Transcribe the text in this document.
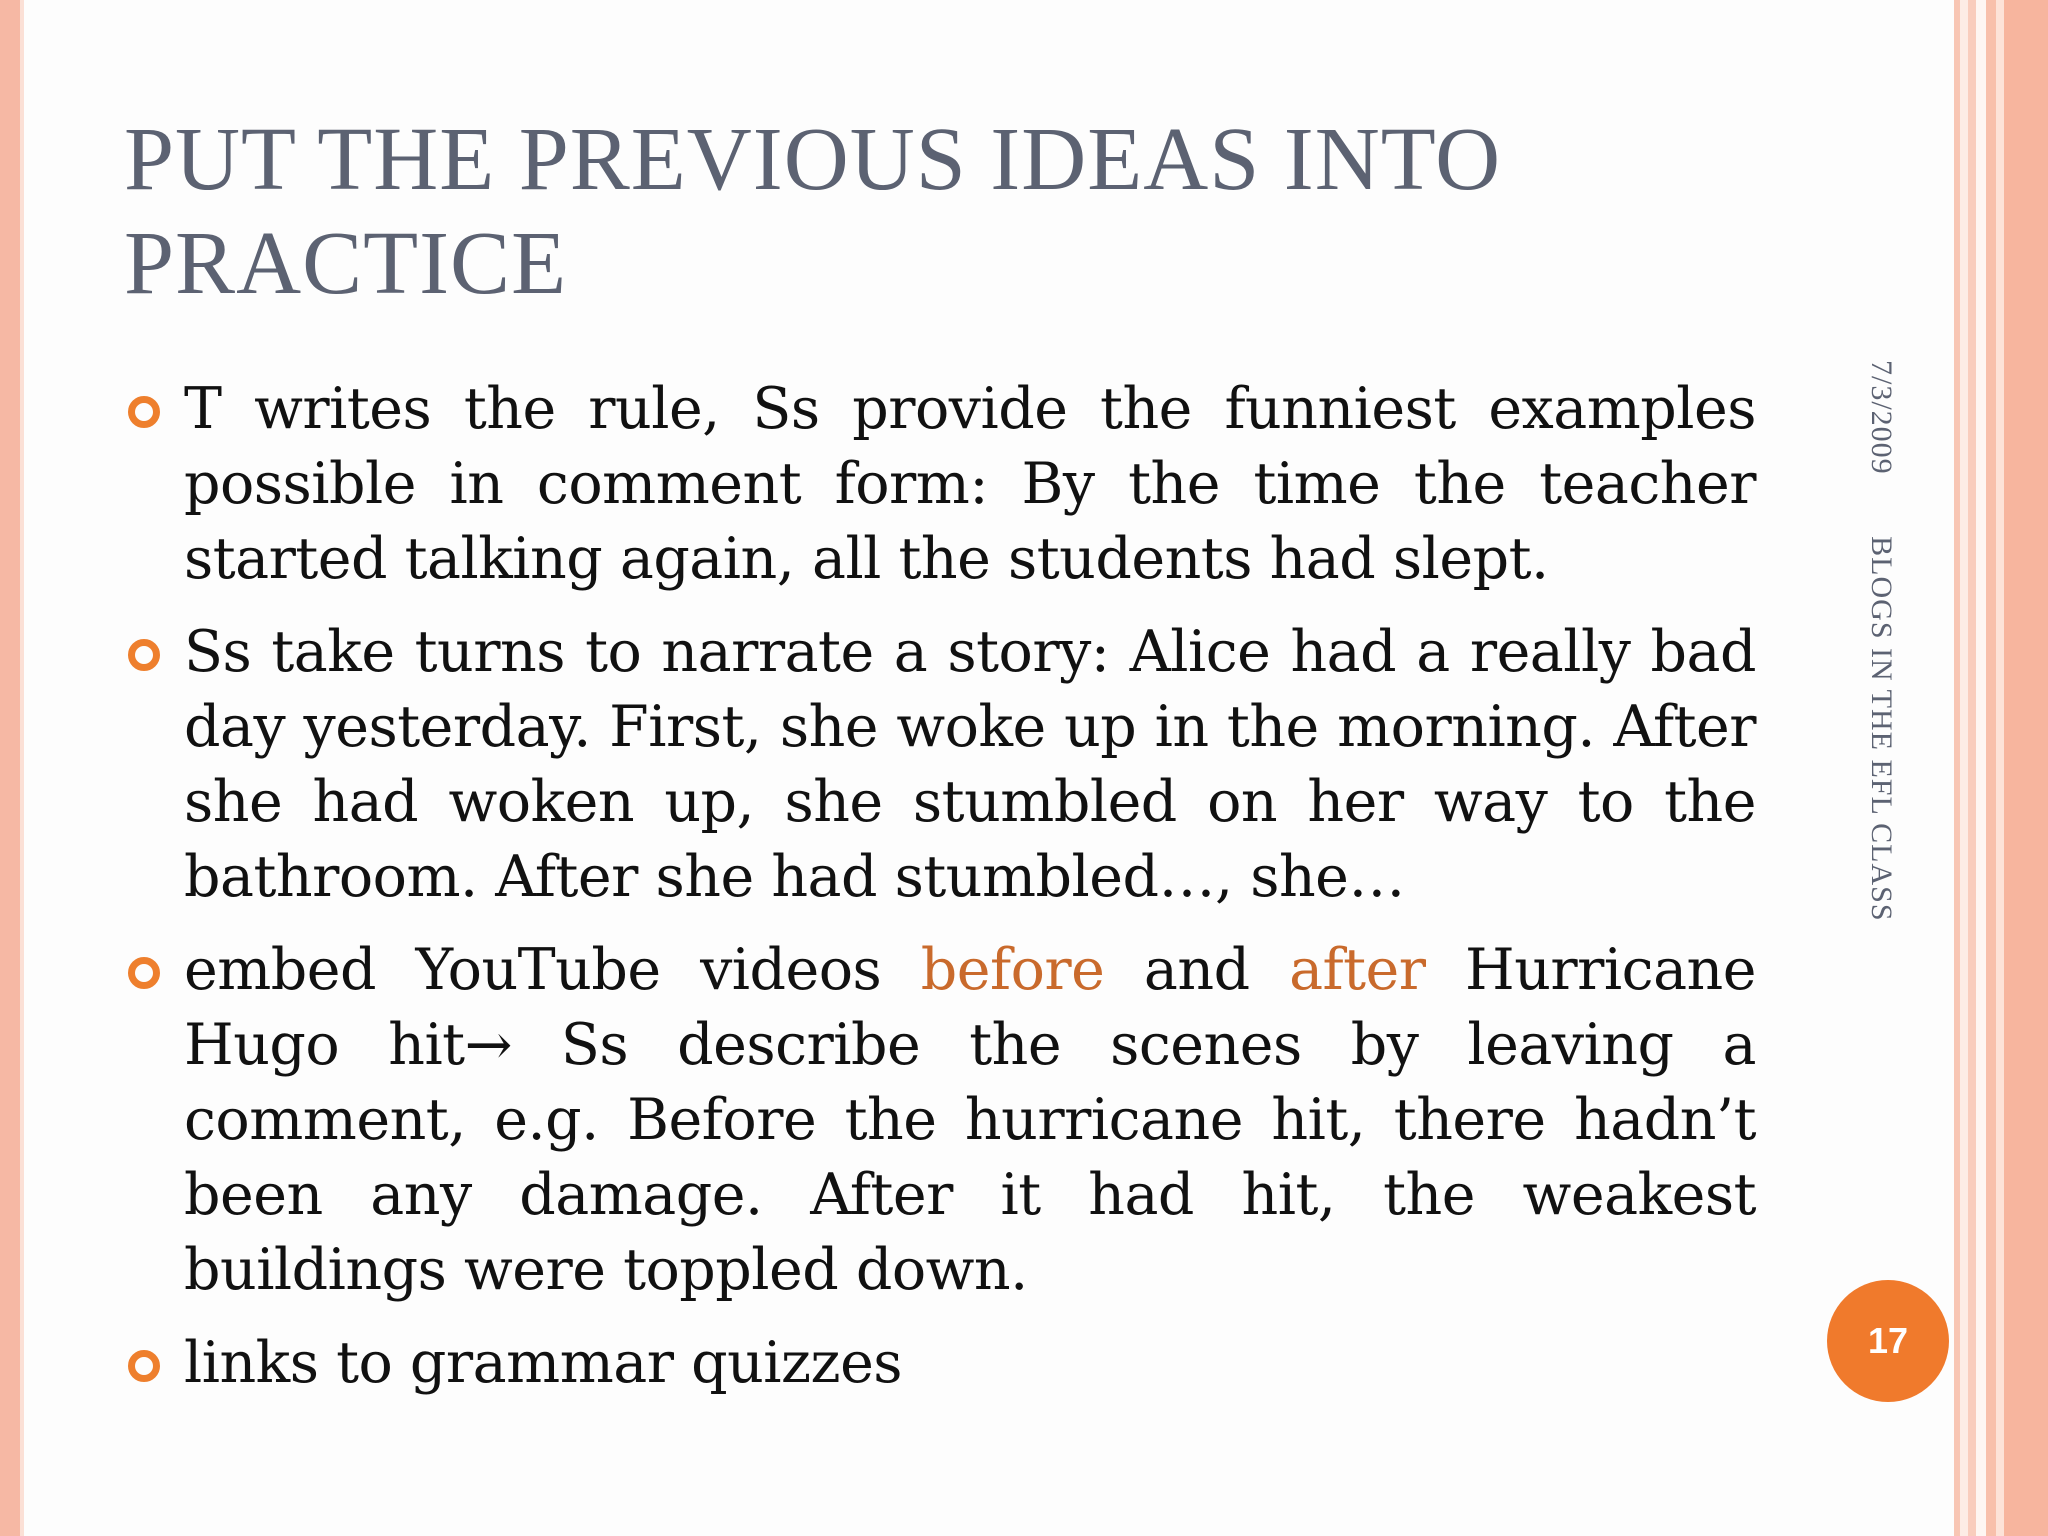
PUT THE PREVIOUS IDEAS INTO PRACTICE
T writes the rule, Ss provide the funniest examples possible in comment form: By the time the teacher started talking again, all the students had slept.
Ss take turns to narrate a story: Alice had a really bad day yesterday. First, she woke up in the morning. After she had woken up, she stumbled on her way to the bathroom. After she had stumbled…, she…
embed YouTube videos before and after Hurricane Hugo hit→ Ss describe the scenes by leaving a comment, e.g. Before the hurricane hit, there hadn’t been any damage. After it had hit, the weakest buildings were toppled down.
links to grammar quizzes
7/3/2009 BLOGS IN THE EFL CLASS
17
